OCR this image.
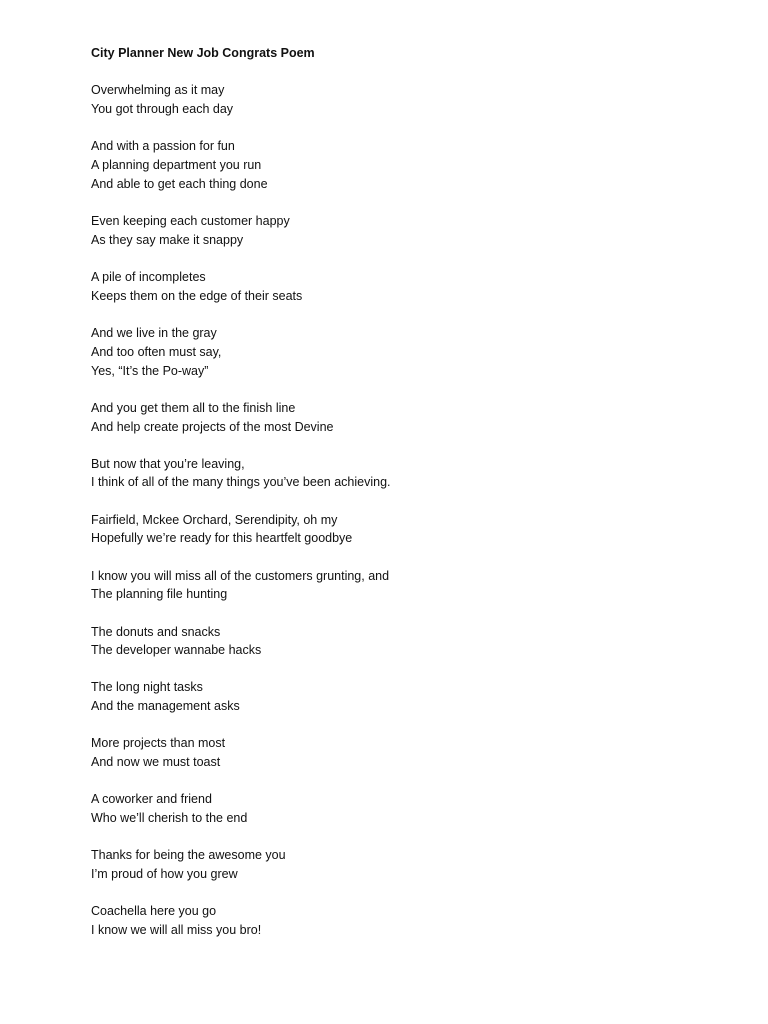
City Planner New Job Congrats Poem
Overwhelming as it may
You got through each day
And with a passion for fun
A planning department you run
And able to get each thing done
Even keeping each customer happy
As they say make it snappy
A pile of incompletes
Keeps them on the edge of their seats
And we live in the gray
And too often must say,
Yes, “It’s the Po-way”
And you get them all to the finish line
And help create projects of the most Devine
But now that you’re leaving,
I think of all of the many things you’ve been achieving.
Fairfield, Mckee Orchard, Serendipity, oh my
Hopefully we’re ready for this heartfelt goodbye
I know you will miss all of the customers grunting, and
The planning file hunting
The donuts and snacks
The developer wannabe hacks
The long night tasks
And the management asks
More projects than most
And now we must toast
A coworker and friend
Who we’ll cherish to the end
Thanks for being the awesome you
I’m proud of how you grew
Coachella here you go
I know we will all miss you bro!
